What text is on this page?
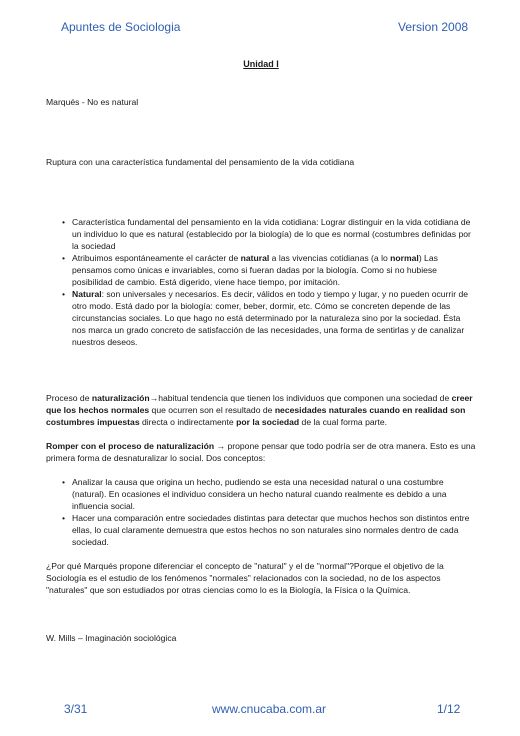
Apuntes de Sociologia	Version 2008

Unidad I

Marqués - No es natural

Ruptura con una característica fundamental del pensamiento de la vida cotidiana

• Característica fundamental del pensamiento en la vida cotidiana: Lograr distinguir en la vida cotidiana de un individuo lo que es natural (establecido por la biología) de lo que es normal (costumbres definidas por la sociedad
• Atribuimos espontáneamente el carácter de natural a las vivencias cotidianas (a lo normal) Las pensamos como únicas e invariables, como si fueran dadas por la biología. Como si no hubiese posibilidad de cambio. Está digerido, viene hace tiempo, por imitación.
• Natural: son universales y necesarios. Es decir, válidos en todo y tiempo y lugar, y no pueden ocurrir de otro modo. Está dado por la biología: comer, beber, dormir, etc. Cómo se concreten depende de las circunstancias sociales. Lo que hago no está determinado por la naturaleza sino por la sociedad. Ésta nos marca un grado concreto de satisfacción de las necesidades, una forma de sentirlas y de canalizar nuestros deseos.

Proceso de naturalización→habitual tendencia que tienen los individuos que componen una sociedad de creer que los hechos normales que ocurren son el resultado de necesidades naturales cuando en realidad son costumbres impuestas directa o indirectamente por la sociedad de la cual forma parte.

Romper con el proceso de naturalización → propone pensar que todo podría ser de otra manera. Esto es una primera forma de desnaturalizar lo social. Dos conceptos:

• Analizar la causa que origina un hecho, pudiendo se esta una necesidad natural o una costumbre (natural). En ocasiones el individuo considera un hecho natural cuando realmente es debido a una influencia social.
• Hacer una comparación entre sociedades distintas para detectar que muchos hechos son distintos entre ellas, lo cual claramente demuestra que estos hechos no son naturales sino normales dentro de cada sociedad.

¿Por qué Marqués propone diferenciar el concepto de "natural" y el de "normal"?Porque el objetivo de la Sociología es el estudio de los fenómenos "normales" relacionados con la sociedad, no de los aspectos "naturales" que son estudiados por otras ciencias como lo es la Biología, la Física o la Química.

W. Mills – Imaginación sociológica

3/31	www.cnucaba.com.ar	1/12
